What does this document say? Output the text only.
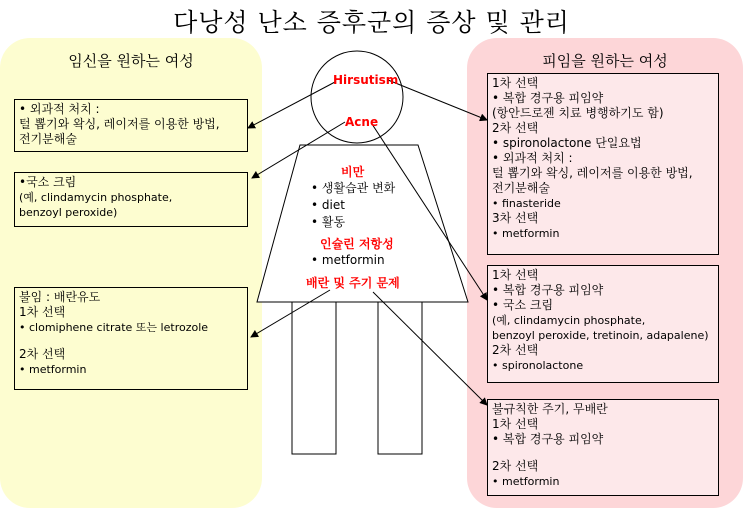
다낭성 난소 증후군의 증상 및 관리
임신을 원하는 여성	피임을 원하는 여성
Hirsutism
Acne
비만
• 생활습관 변화
• diet
• 활동
인슐린 저항성
• metformin
배란 및 주기 문제
• 외과적 처치 :
털 뽑기와 왁싱, 레이저를 이용한 방법,
전기분해술
•국소 크림
(예, clindamycin phosphate,
benzoyl peroxide)
불임 : 배란유도
1차 선택
• clomiphene citrate 또는 letrozole
2차 선택
• metformin
1차 선택
• 복합 경구용 피임약
(항안드로젠 치료 병행하기도 함)
2차 선택
• spironolactone 단일요법
• 외과적 처치 :
털 뽑기와 왁싱, 레이저를 이용한 방법,
전기분해술
• finasteride
3차 선택
• metformin
1차 선택
• 복합 경구용 피임약
• 국소 크림
(예, clindamycin phosphate,
benzoyl peroxide, tretinoin, adapalene)
2차 선택
• spironolactone
불규칙한 주기, 무배란
1차 선택
• 복합 경구용 피임약
2차 선택
• metformin
